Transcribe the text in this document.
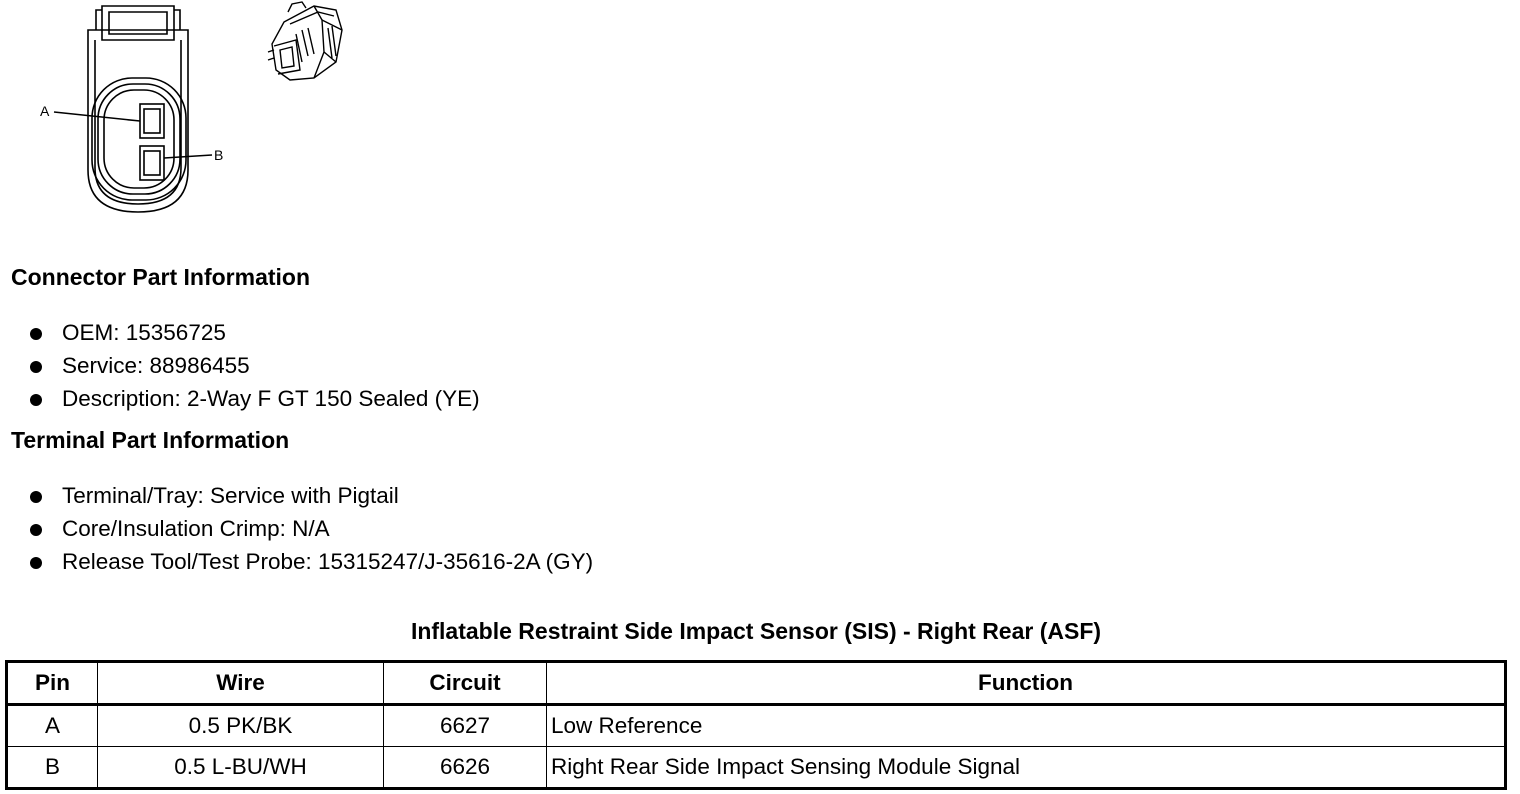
A
B
Connector Part Information
OEM: 15356725
Service: 88986455
Description: 2-Way F GT 150 Sealed (YE)
Terminal Part Information
Terminal/Tray: Service with Pigtail
Core/Insulation Crimp: N/A
Release Tool/Test Probe: 15315247/J-35616-2A (GY)
Inflatable Restraint Side Impact Sensor (SIS) - Right Rear (ASF)
Pin	Wire	Circuit	Function
A	0.5 PK/BK	6627	Low Reference
B	0.5 L-BU/WH	6626	Right Rear Side Impact Sensing Module Signal
